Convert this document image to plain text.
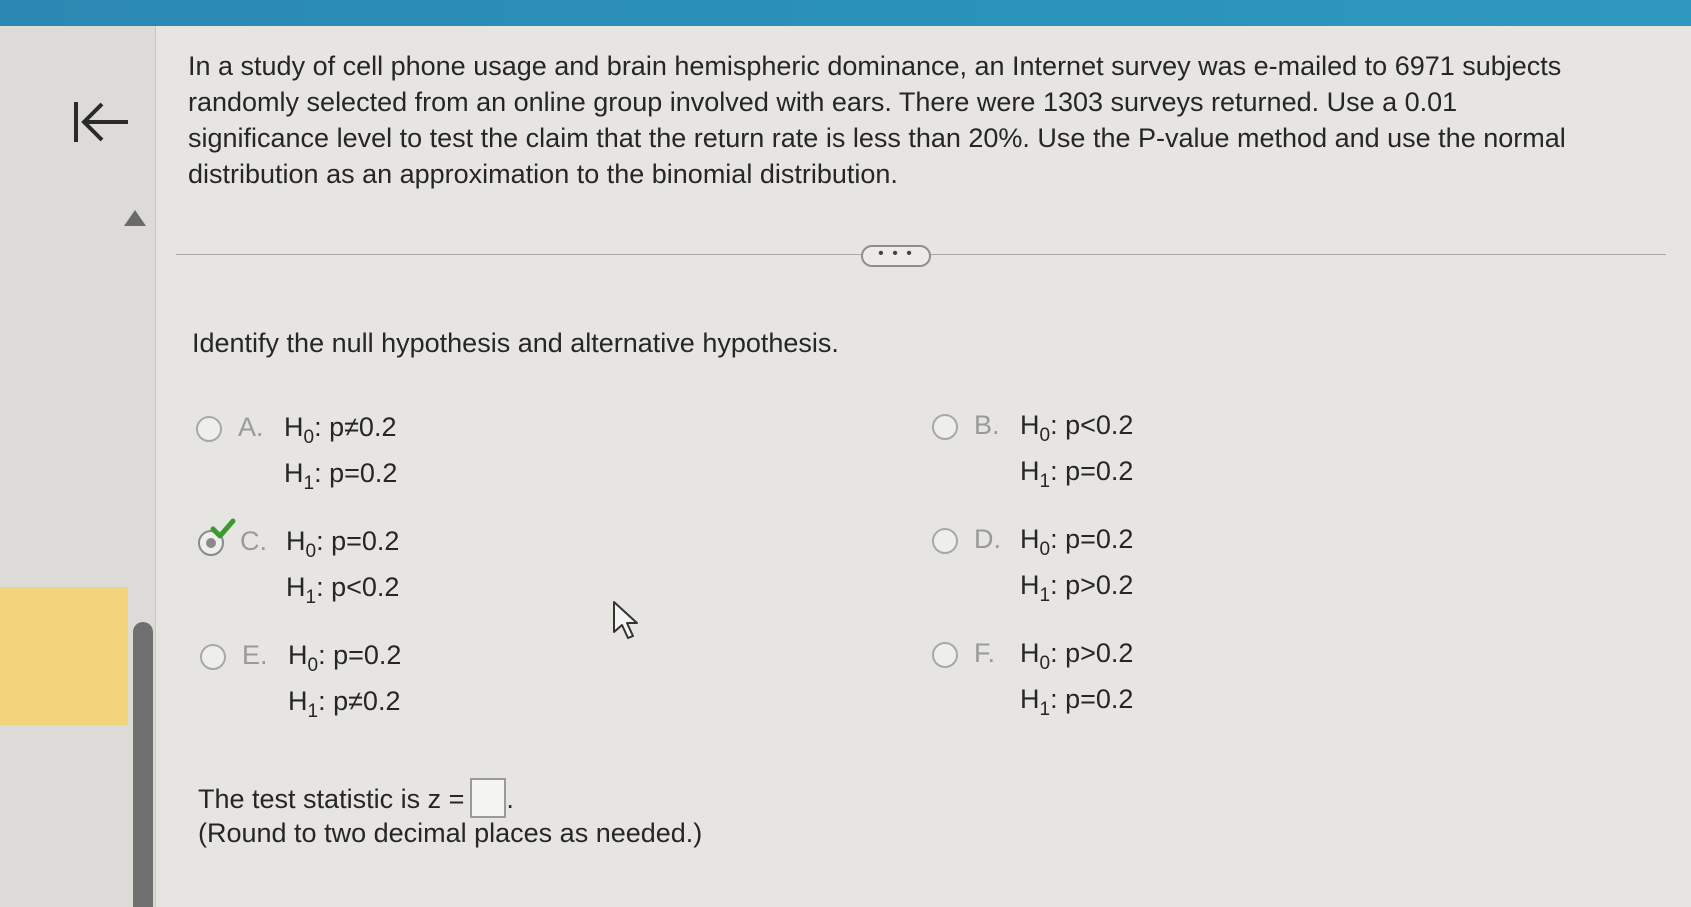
In a study of cell phone usage and brain hemispheric dominance, an Internet survey was e-mailed to 6971 subjects
randomly selected from an online group involved with ears. There were 1303 surveys returned. Use a 0.01
significance level to test the claim that the return rate is less than 20%. Use the P-value method and use the normal
distribution as an approximation to the binomial distribution.
• • •
Identify the null hypothesis and alternative hypothesis.
A. $H_0$: p≠0.2
$H_1$: p=0.2
B. $H_0$: p<0.2
$H_1$: p=0.2
C. $H_0$: p=0.2
$H_1$: p<0.2
D. $H_0$: p=0.2
$H_1$: p>0.2
E. $H_0$: p=0.2
$H_1$: p≠0.2
F. $H_0$: p>0.2
$H_1$: p=0.2
The test statistic is z = .
(Round to two decimal places as needed.)
